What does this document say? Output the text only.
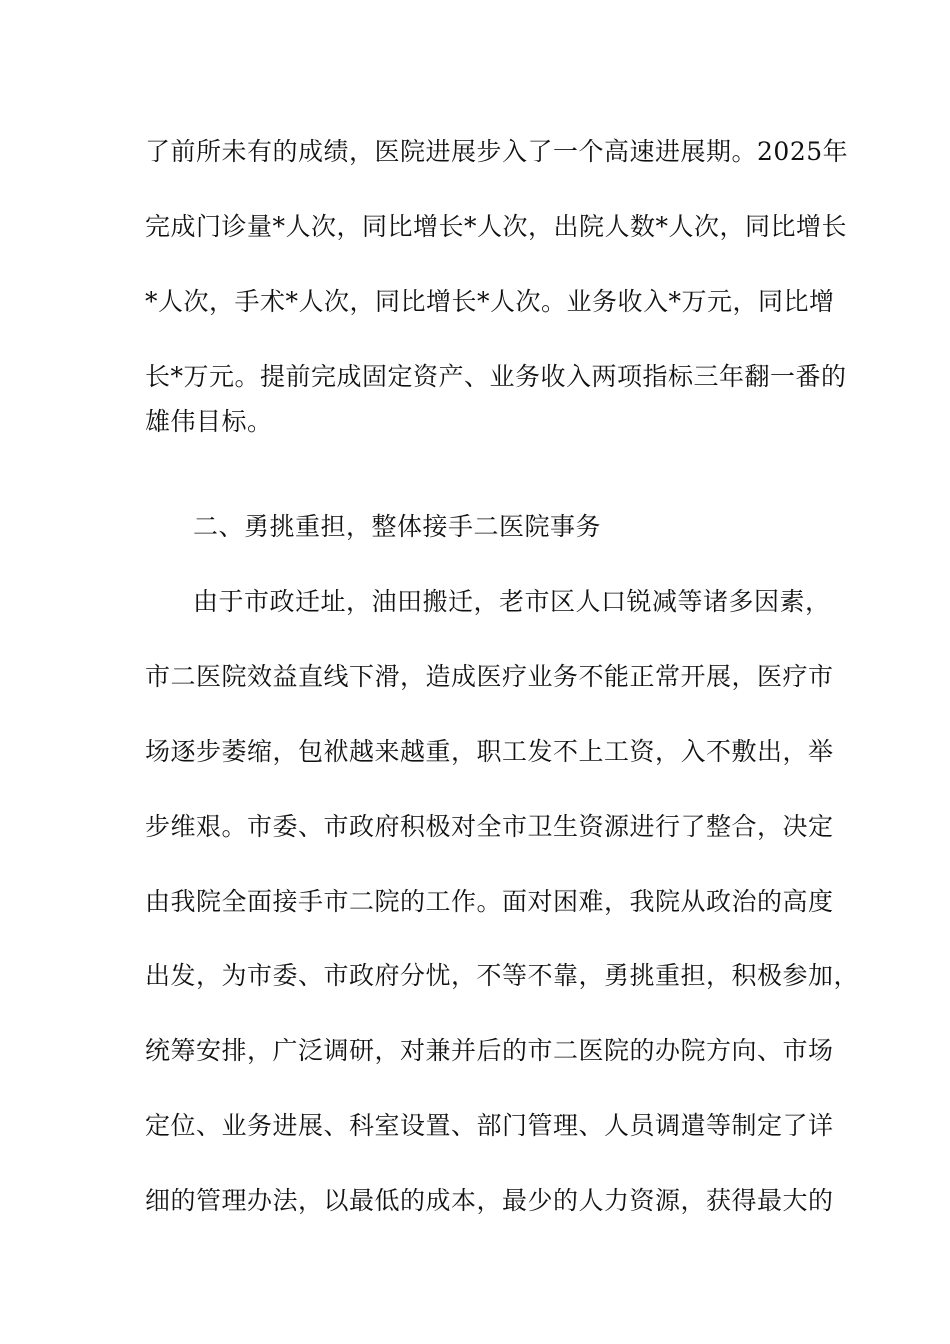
了前所未有的成绩，医院进展步入了一个高速进展期。2025年
完成门诊量*人次，同比增长*人次，出院人数*人次，同比增长
*人次，手术*人次，同比增长*人次。业务收入*万元，同比增
长*万元。提前完成固定资产、业务收入两项指标三年翻一番的
雄伟目标。
二、勇挑重担，整体接手二医院事务
由于市政迁址，油田搬迁，老市区人口锐减等诸多因素，
市二医院效益直线下滑，造成医疗业务不能正常开展，医疗市
场逐步萎缩，包袱越来越重，职工发不上工资，入不敷出，举
步维艰。市委、市政府积极对全市卫生资源进行了整合，决定
由我院全面接手市二院的工作。面对困难，我院从政治的高度
出发，为市委、市政府分忧，不等不靠，勇挑重担，积极参加，
统筹安排，广泛调研，对兼并后的市二医院的办院方向、市场
定位、业务进展、科室设置、部门管理、人员调遣等制定了详
细的管理办法，以最低的成本，最少的人力资源，获得最大的
